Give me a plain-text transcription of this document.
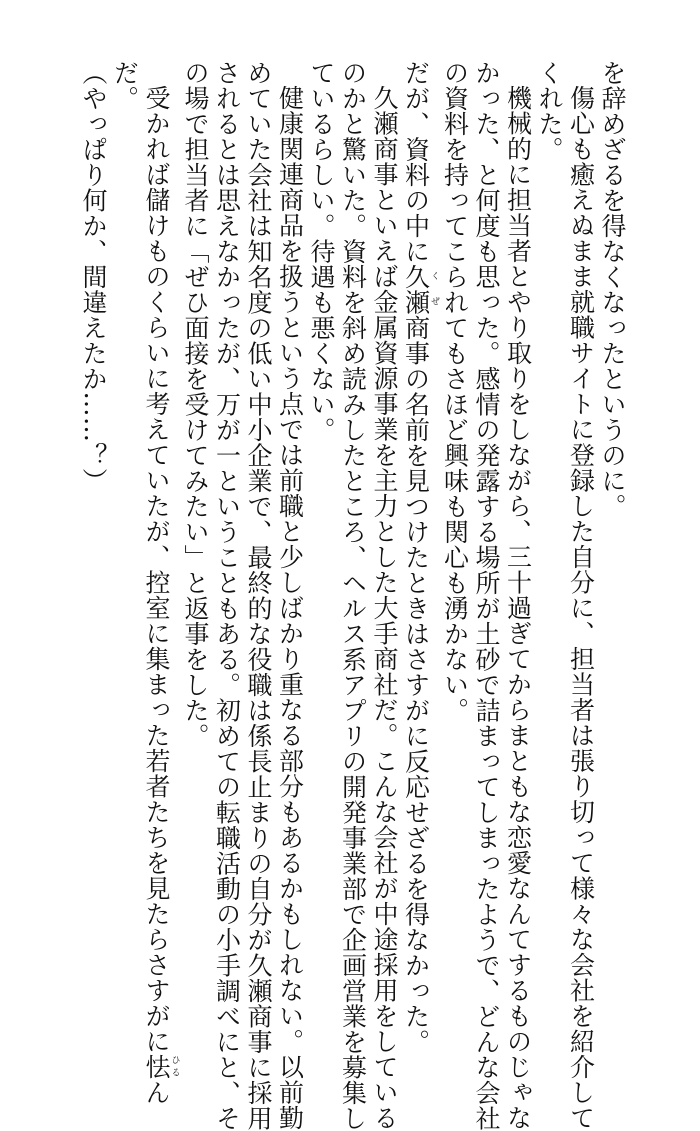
を辞めざるを得なくなったというのに。
傷心も癒えぬまま就職サイトに登録した自分に、担当者は張り切って様々な会社を紹介して
くれた。
機械的に担当者とやり取りをしながら、三十過ぎてからまともな恋愛なんてするものじゃな
かった、と何度も思った。感情の発露する場所が土砂で詰まってしまったようで、どんな会社
の資料を持ってこられてもさほど興味も関心も湧かない。
だが、資料の中に久瀬くぜ商事の名前を見つけたときはさすがに反応せざるを得なかった。
久瀬商事といえば金属資源事業を主力とした大手商社だ。こんな会社が中途採用をしている
のかと驚いた。資料を斜め読みしたところ、ヘルス系アプリの開発事業部で企画営業を募集し
ているらしい。待遇も悪くない。
健康関連商品を扱うという点では前職と少しばかり重なる部分もあるかもしれない。以前勤
めていた会社は知名度の低い中小企業で、最終的な役職は係長止まりの自分が久瀬商事に採用
されるとは思えなかったが、万が一ということもある。初めての転職活動の小手調べにと、そ
の場で担当者に「ぜひ面接を受けてみたい」と返事をした。
受かれば儲けものくらいに考えていたが、控室に集まった若者たちを見たらさすがに怯ひるん
だ。
（やっぱり何か、間違えたか……？）
